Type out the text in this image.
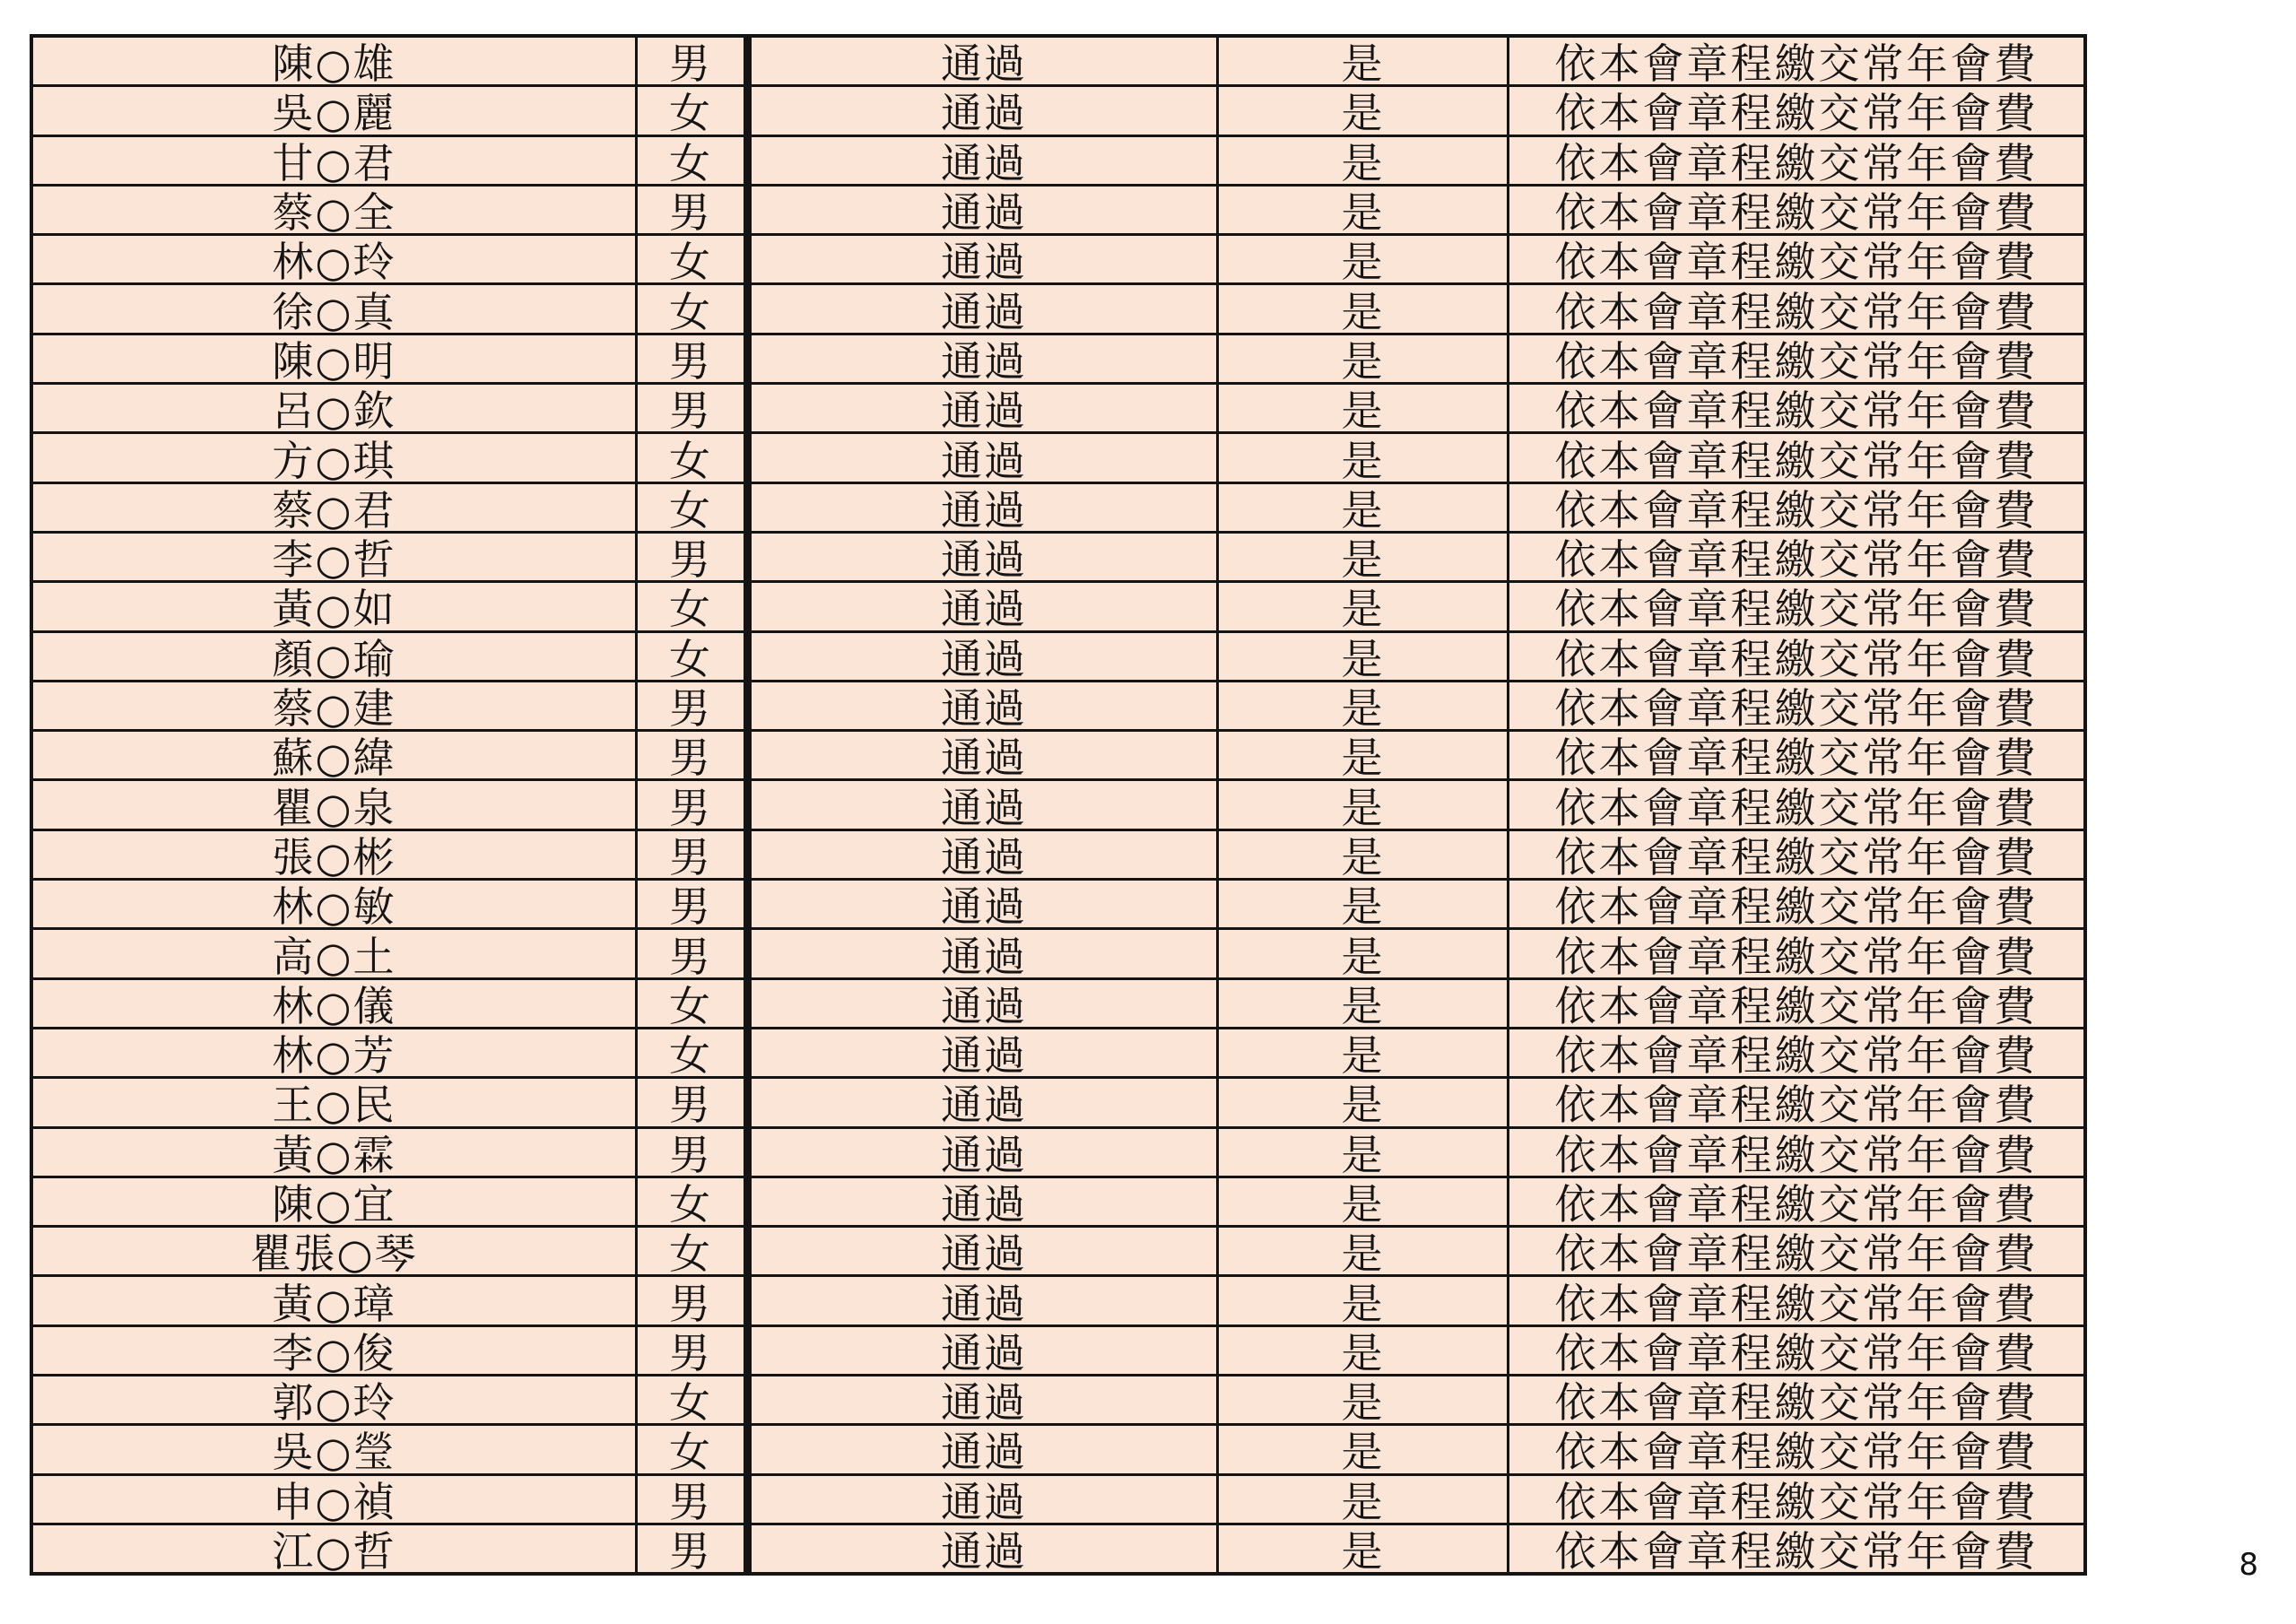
陳○雄	男	通過	是	依本會章程繳交常年會費
吳○麗	女	通過	是	依本會章程繳交常年會費
甘○君	女	通過	是	依本會章程繳交常年會費
蔡○全	男	通過	是	依本會章程繳交常年會費
林○玲	女	通過	是	依本會章程繳交常年會費
徐○真	女	通過	是	依本會章程繳交常年會費
陳○明	男	通過	是	依本會章程繳交常年會費
呂○欽	男	通過	是	依本會章程繳交常年會費
方○琪	女	通過	是	依本會章程繳交常年會費
蔡○君	女	通過	是	依本會章程繳交常年會費
李○哲	男	通過	是	依本會章程繳交常年會費
黃○如	女	通過	是	依本會章程繳交常年會費
顏○瑜	女	通過	是	依本會章程繳交常年會費
蔡○建	男	通過	是	依本會章程繳交常年會費
蘇○緯	男	通過	是	依本會章程繳交常年會費
瞿○泉	男	通過	是	依本會章程繳交常年會費
張○彬	男	通過	是	依本會章程繳交常年會費
林○敏	男	通過	是	依本會章程繳交常年會費
高○土	男	通過	是	依本會章程繳交常年會費
林○儀	女	通過	是	依本會章程繳交常年會費
林○芳	女	通過	是	依本會章程繳交常年會費
王○民	男	通過	是	依本會章程繳交常年會費
黃○霖	男	通過	是	依本會章程繳交常年會費
陳○宜	女	通過	是	依本會章程繳交常年會費
瞿張○琴	女	通過	是	依本會章程繳交常年會費
黃○璋	男	通過	是	依本會章程繳交常年會費
李○俊	男	通過	是	依本會章程繳交常年會費
郭○玲	女	通過	是	依本會章程繳交常年會費
吳○瑩	女	通過	是	依本會章程繳交常年會費
申○禎	男	通過	是	依本會章程繳交常年會費
江○哲	男	通過	是	依本會章程繳交常年會費	8
